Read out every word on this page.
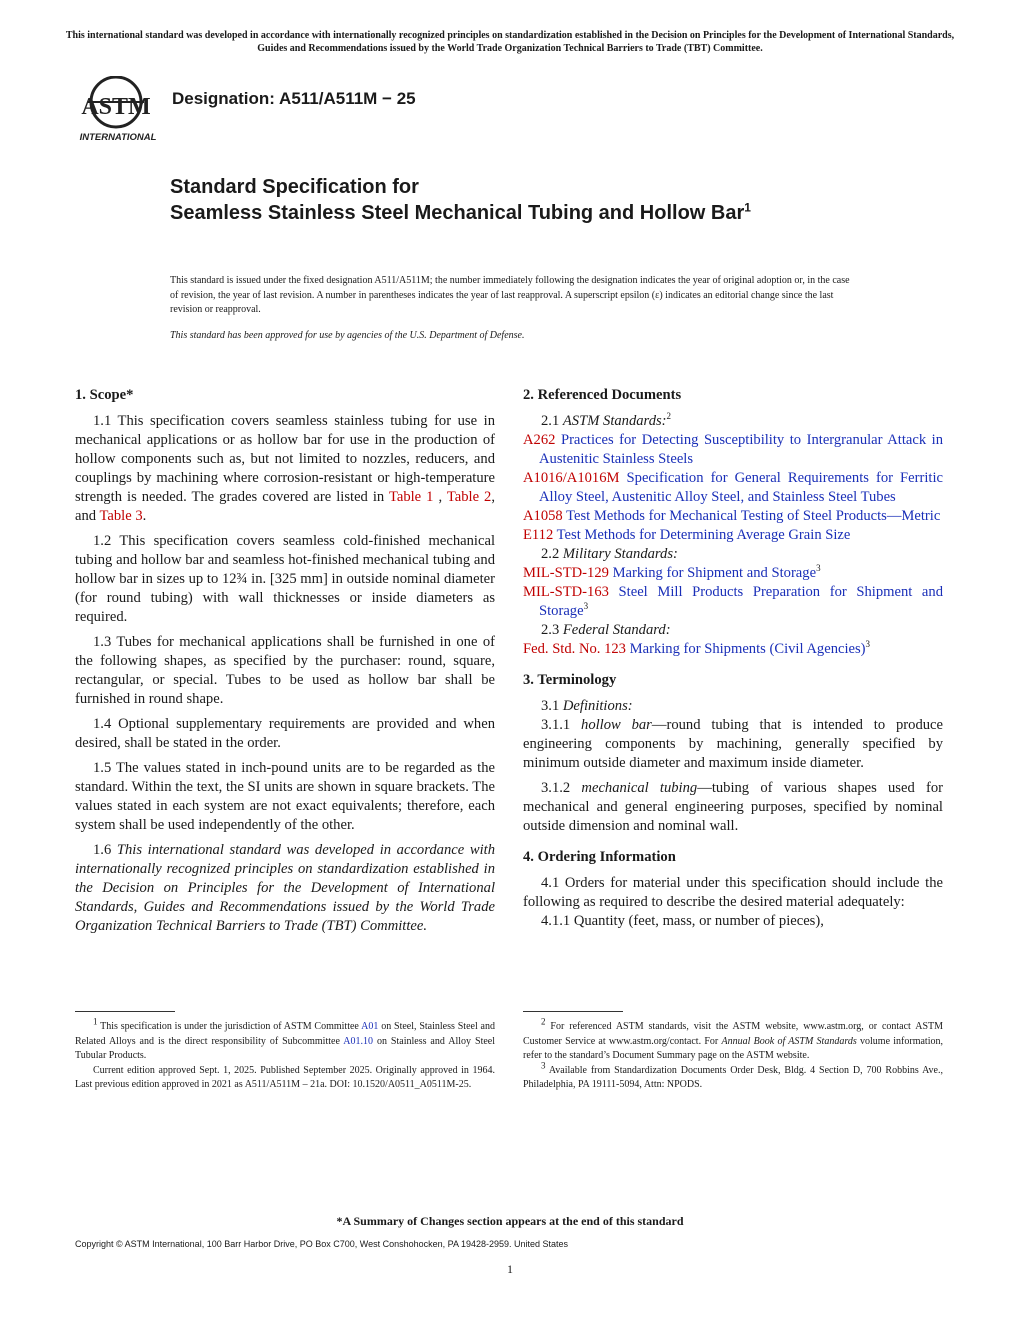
This international standard was developed in accordance with internationally recognized principles on standardization established in the Decision on Principles for the Development of International Standards, Guides and Recommendations issued by the World Trade Organization Technical Barriers to Trade (TBT) Committee.
ASTM
INTERNATIONAL
Designation: A511/A511M − 25
Standard Specification for
Seamless Stainless Steel Mechanical Tubing and Hollow Bar$^1$
This standard is issued under the fixed designation A511/A511M; the number immediately following the designation indicates the year of original adoption or, in the case of revision, the year of last revision. A number in parentheses indicates the year of last reapproval. A superscript epsilon (ε) indicates an editorial change since the last revision or reapproval.
This standard has been approved for use by agencies of the U.S. Department of Defense.
1. Scope*

1.1 This specification covers seamless stainless tubing for use in mechanical applications or as hollow bar for use in the production of hollow components such as, but not limited to nozzles, reducers, and couplings by machining where corrosion-resistant or high-temperature strength is needed. The grades covered are listed in Table 1 , Table 2, and Table 3.

1.2 This specification covers seamless cold-finished mechanical tubing and hollow bar and seamless hot-finished mechanical tubing and hollow bar in sizes up to 12¾ in. [325 mm] in outside nominal diameter (for round tubing) with wall thicknesses or inside diameters as required.

1.3 Tubes for mechanical applications shall be furnished in one of the following shapes, as specified by the purchaser: round, square, rectangular, or special. Tubes to be used as hollow bar shall be furnished in round shape.

1.4 Optional supplementary requirements are provided and when desired, shall be stated in the order.

1.5 The values stated in inch-pound units are to be regarded as the standard. Within the text, the SI units are shown in square brackets. The values stated in each system are not exact equivalents; therefore, each system shall be used independently of the other.

1.6 This international standard was developed in accordance with internationally recognized principles on standardization established in the Decision on Principles for the Development of International Standards, Guides and Recommendations issued by the World Trade Organization Technical Barriers to Trade (TBT) Committee.

2. Referenced Documents

2.1 ASTM Standards:$^2$

A262 Practices for Detecting Susceptibility to Intergranular Attack in Austenitic Stainless Steels

A1016/A1016M Specification for General Requirements for Ferritic Alloy Steel, Austenitic Alloy Steel, and Stainless Steel Tubes

A1058 Test Methods for Mechanical Testing of Steel Products—Metric

E112 Test Methods for Determining Average Grain Size

2.2 Military Standards:

MIL-STD-129 Marking for Shipment and Storage$^3$

MIL-STD-163 Steel Mill Products Preparation for Shipment and Storage$^3$

2.3 Federal Standard:

Fed. Std. No. 123 Marking for Shipments (Civil Agencies)$^3$

3. Terminology

3.1 Definitions:

3.1.1 hollow bar—round tubing that is intended to produce engineering components by machining, generally specified by minimum outside diameter and maximum inside diameter.

3.1.2 mechanical tubing—tubing of various shapes used for mechanical and general engineering purposes, specified by nominal outside dimension and nominal wall.

4. Ordering Information

4.1 Orders for material under this specification should include the following as required to describe the desired material adequately:

4.1.1 Quantity (feet, mass, or number of pieces),

$^1$ This specification is under the jurisdiction of ASTM Committee A01 on Steel, Stainless Steel and Related Alloys and is the direct responsibility of Subcommittee A01.10 on Stainless and Alloy Steel Tubular Products.

Current edition approved Sept. 1, 2025. Published September 2025. Originally approved in 1964. Last previous edition approved in 2021 as A511/A511M – 21a. DOI: 10.1520/A0511_A0511M-25.

$^2$ For referenced ASTM standards, visit the ASTM website, www.astm.org, or contact ASTM Customer Service at www.astm.org/contact. For Annual Book of ASTM Standards volume information, refer to the standard’s Document Summary page on the ASTM website.

$^3$ Available from Standardization Documents Order Desk, Bldg. 4 Section D, 700 Robbins Ave., Philadelphia, PA 19111-5094, Attn: NPODS.

*A Summary of Changes section appears at the end of this standard
Copyright © ASTM International, 100 Barr Harbor Drive, PO Box C700, West Conshohocken, PA 19428-2959. United States
1
